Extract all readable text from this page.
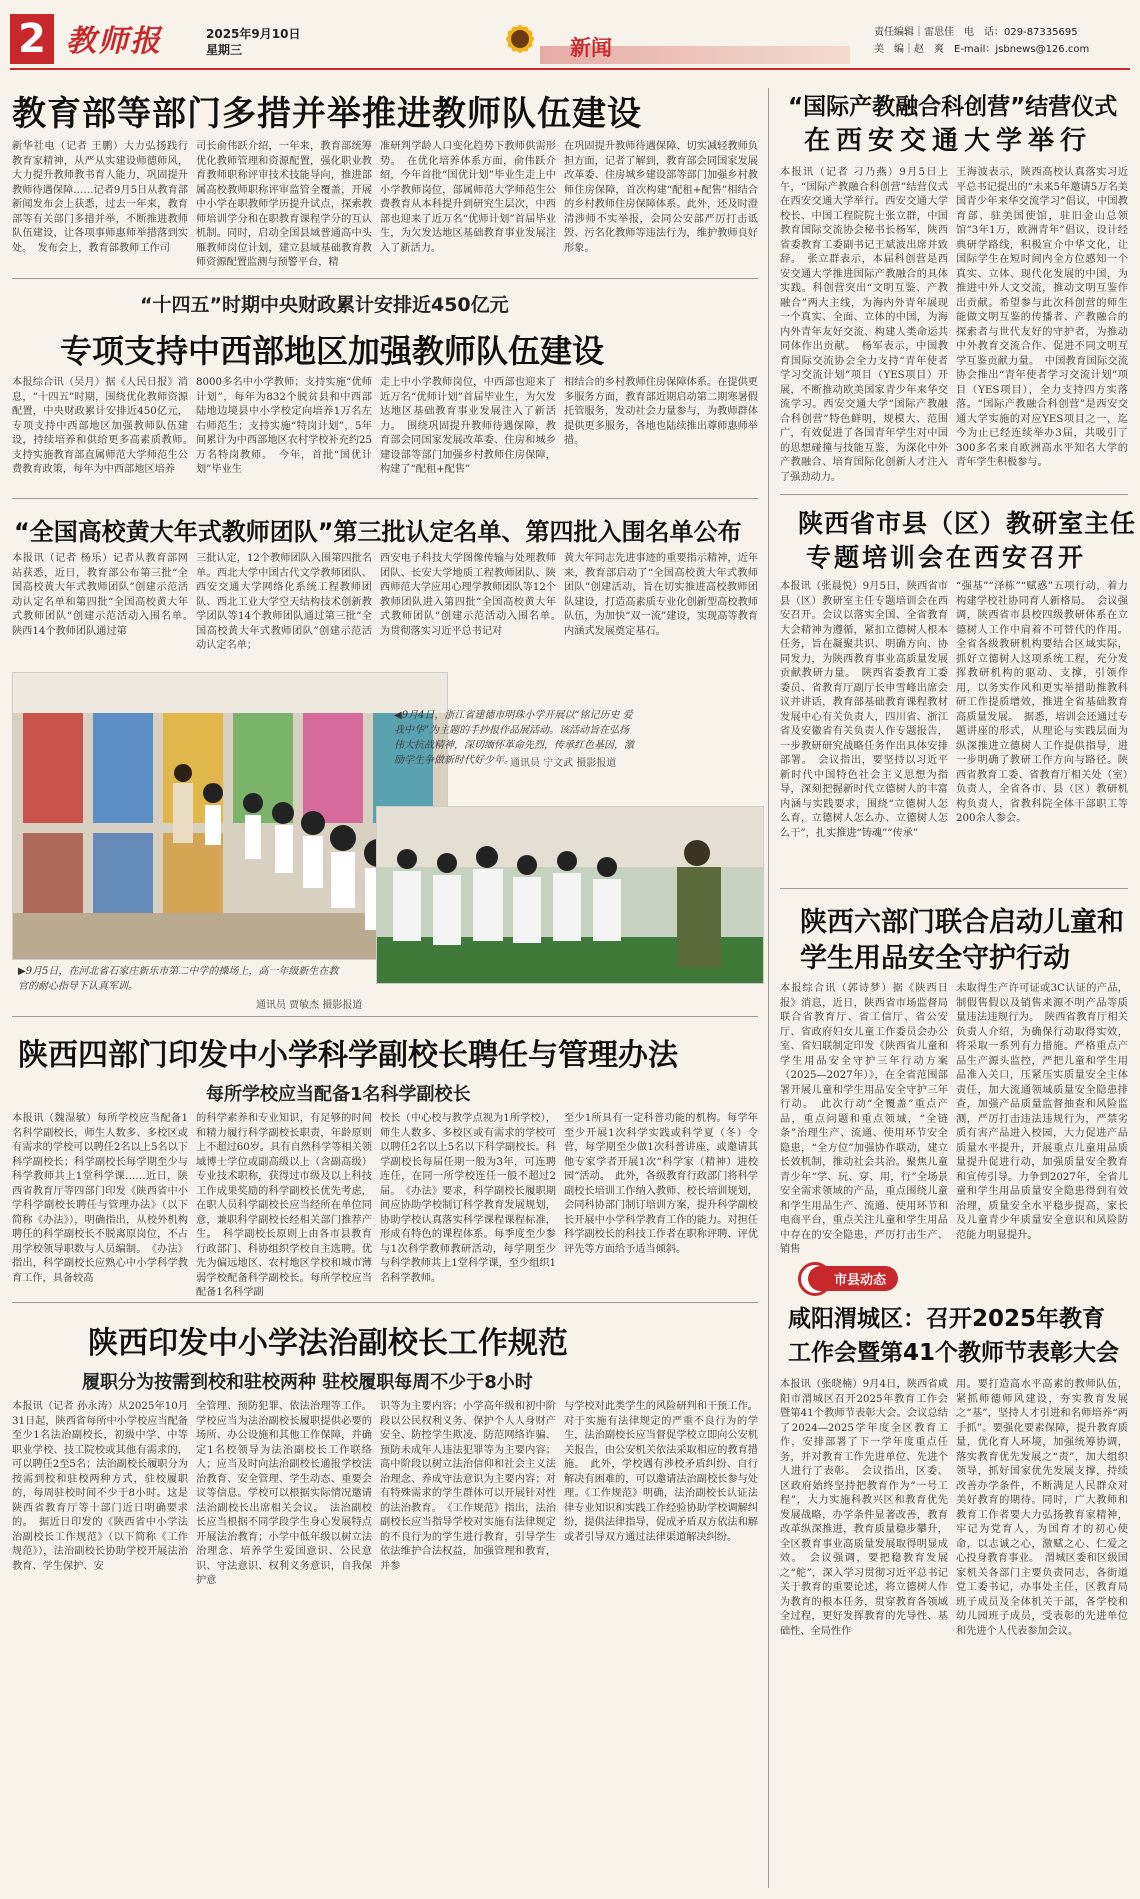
2 教师报	2025年9月10日
星期三	新闻
责任编辑｜雷思佳　 电　话：029-87335695
美　编｜赵　爽　 E-mail：jsbnews@126.com
教育部等部门多措并举推进教师队伍建设
新华社电（记者 王鹏）大力弘扬践行教育家精神，从严从实建设师德师风，大力提升教师教书育人能力，巩固提升教师待遇保障……记者9月5日从教育部新闻发布会上获悉，过去一年来，教育部等有关部门多措并举，不断推进教师队伍建设，让各项事师惠师举措落到实处。　发布会上，教育部教师工作司
司长俞伟跃介绍，一年来，教育部统筹优化教师管理和资源配置，强化职业教育教师职称评审技术技能导向，推进部属高校教师职称评审监管全覆盖，开展中小学在职教师学历提升试点，探索教师培训学分和在职教育课程学分的互认机制。同时，启动全国县域普通高中头雁教师岗位计划，建立县域基础教育教师资源配置监测与预警平台，精
准研判学龄人口变化趋势下教师供需形势。　在优化培养体系方面，俞伟跃介绍，今年首批“国优计划”毕业生走上中小学教师岗位，部属师范大学师范生公费教育从本科提升到研究生层次，中西部也迎来了近万名“优师计划”首届毕业生，为欠发达地区基础教育事业发展注入了新活力。
在巩固提升教师待遇保障、切实减轻教师负担方面，记者了解到，教育部会同国家发展改革委、住房城乡建设部等部门加强乡村教师住房保障，首次构建“配租+配售”相结合的乡村教师住房保障体系。此外，还及时澄清涉师不实举报，会同公安部严厉打击诋毁、污名化教师等违法行为，维护教师良好形象。
“十四五”时期中央财政累计安排近450亿元
专项支持中西部地区加强教师队伍建设
本报综合讯（吴月）据《人民日报》消息，“十四五”时期，围绕优化教师资源配置，中央财政累计安排近450亿元，专项支持中西部地区加强教师队伍建设，持续培养和供给更多高素质教师。　支持实施教育部直属师范大学师范生公费教育政策，每年为中西部地区培养
8000多名中小学教师；支持实施“优师计划”，每年为832个脱贫县和中西部陆地边境县中小学校定向培养1万名左右师范生；支持实施“特岗计划”，5年间累计为中西部地区农村学校补充约25万名特岗教师。　今年，首批“国优计划”毕业生
走上中小学教师岗位，中西部也迎来了近万名“优师计划”首届毕业生，为欠发达地区基础教育事业发展注入了新活力。　围绕巩固提升教师待遇保障，教育部会同国家发展改革委、住房和城乡建设部等部门加强乡村教师住房保障，构建了“配租+配售”
相结合的乡村教师住房保障体系。在提供更多服务方面，教育部近期启动第二期寒暑假托管服务，发动社会力量参与，为教师群体提供更多服务，各地也陆续推出尊师惠师举措。
“全国高校黄大年式教师团队”第三批认定名单、第四批入围名单公布
本报讯（记者 杨乐）记者从教育部网站获悉，近日，教育部公布第三批“全国高校黄大年式教师团队”创建示范活动认定名单和第四批“全国高校黄大年式教师团队”创建示范活动入围名单。　陕西14个教师团队通过第
三批认定，12个教师团队入围第四批名单。西北大学中国古代文学教师团队、西安交通大学网络化系统工程教师团队、西北工业大学空天结构技术创新教学团队等14个教师团队通过第三批“全国高校黄大年式教师团队”创建示范活动认定名单；
西安电子科技大学图像传输与处理教师团队、长安大学地质工程教师团队、陕西师范大学应用心理学教师团队等12个教师团队进入第四批“全国高校黄大年式教师团队”创建示范活动入围名单。　为贯彻落实习近平总书记对
黄大年同志先进事迹的重要指示精神，近年来，教育部启动了“全国高校黄大年式教师团队”创建活动，旨在切实推进高校教师团队建设，打造高素质专业化创新型高校教师队伍，为加快“双一流”建设，实现高等教育内涵式发展奠定基石。
◀9月4日，浙江省建德市明珠小学开展以“铭记历史 爱我中华”为主题的手抄报作品展活动。该活动旨在弘扬伟大抗战精神，深切缅怀革命先烈，传承红色基因，激励学生争做新时代好少年。
通讯员 宁文武 摄影报道
▶9月5日，在河北省石家庄新乐市第二中学的操场上，高一年级新生在教官的耐心指导下认真军训。
通讯员 贾敏杰 摄影报道
陕西四部门印发中小学科学副校长聘任与管理办法
每所学校应当配备1名科学副校长
本报讯（魏湿敏）每所学校应当配备1名科学副校长，师生人数多、多校区或有需求的学校可以聘任2名以上5名以下科学副校长；科学副校长每学期至少与科学教师共上1堂科学课……近日，陕西省教育厅等四部门印发《陕西省中小学科学副校长聘任与管理办法》（以下简称《办法》），明确指出，从校外机构聘任的科学副校长不脱离原岗位，不占用学校领导职数与人员编制。　《办法》指出，科学副校长应熟心中小学科学教育工作，具备较高
的科学素养和专业知识，有足够的时间和精力履行科学副校长职责，年龄原则上不超过60岁。具有自然科学等相关领域博士学位或副高级以上（含副高级）专业技术职称，获得过市级及以上科技工作成果奖励的科学副校长优先考虑，在职人员科学副校长应当经所在单位同意，兼职科学副校长经相关部门推荐产生。　科学副校长原则上由各市县教育行政部门、科协组织学校自主选聘。优先为偏远地区、农村地区学校和城市薄弱学校配备科学副校长。每所学校应当配备1名科学副
校长（中心校与教学点视为1所学校），师生人数多、多校区或有需求的学校可以聘任2名以上5名以下科学副校长。科学副校长每届任期一般为3年，可连聘连任，在同一所学校连任一般不超过2届。　《办法》要求，科学副校长履职期间应协助学校制订科学教育发展规划，协助学校认真落实科学课程课程标准，形成有特色的课程体系。每季度至少参与1次科学教师教研活动，每学期至少与科学教师共上1堂科学课，至少组织1名科学教师。
至少1所具有一定科普功能的机构。每学年至少开展1次科学实践或科学夏（冬）令营，每学期至少做1次科普讲座，或邀请其他专家学者开展1次“科学家（精神）进校园”活动。　此外，各级教育行政部门将科学副校长培训工作纳入教师、校长培训规划，会同科协部门制订培训方案，提升科学副校长开展中小学科学教育工作的能力。对担任科学副校长的科技工作者在职称评聘、评优评先等方面给予适当倾斜。
陕西印发中小学法治副校长工作规范
履职分为按需到校和驻校两种 驻校履职每周不少于8小时
本报讯（记者 孙永涛）从2025年10月31日起，陕西省每所中小学校应当配备至少1名法治副校长，初级中学、中等职业学校、技工院校或其他有需求的，可以聘任2至5名；法治副校长履职分为按需到校和驻校两种方式，驻校履职的，每周驻校时间不少于8小时。这是陕西省教育厅等十部门近日明确要求的。　据近日印发的《陕西省中小学法治副校长工作规范》（以下简称《工作规范》），法治副校长协助学校开展法治教育、学生保护、安
全管理、预防犯罪、依法治理等工作。学校应当为法治副校长履职提供必要的场所、办公设施和其他工作保障，并确定1名校领导为法治副校长工作联络人；应当及时向法治副校长通报学校法治教育、安全管理、学生动态、重要会议等信息。学校可以根据实际情况邀请法治副校长出席相关会议。　法治副校长应当根据不同学段学生身心发展特点开展法治教育；小学中低年级以树立法治理念、培养学生爱国意识、公民意识、守法意识、权利义务意识，自我保护意
识等为主要内容；小学高年级和初中阶段以公民权利义务、保护个人人身财产安全、防控学生欺凌、防范网络诈骗、预防未成年人违法犯罪等为主要内容；高中阶段以树立法治信仰和社会主义法治理念、养成守法意识为主要内容；对有特殊需求的学生群体可以开展针对性的法治教育。　《工作规范》指出，法治副校长应当指导学校对实施有法律规定的不良行为的学生进行教育，引导学生依法维护合法权益，加强管理和教育，并参
与学校对此类学生的风险研判和干预工作。对于实施有法律规定的严重不良行为的学生，法治副校长应当督促学校立即向公安机关报告，由公安机关依法采取相应的教育措施。　此外，学校遇有涉校矛盾纠纷、自行解决有困难的，可以邀请法治副校长参与处理。《工作规范》明确，法治副校长认证法律专业知识和实践工作经验协助学校调解纠纷，提供法律指导，促成矛盾双方依法和解或者引导双方通过法律渠道解决纠纷。
“国际产教融合科创营”结营仪式
在西安交通大学举行
本报讯（记者 刁乃燕）9月5日上午，“国际产教融合科创营”结营仪式在西安交通大学举行。西安交通大学校长、中国工程院院士张立群，中国教育国际交流协会秘书长杨军，陕西省委教育工委副书记王斌波出席并致辞。　张立群表示，本届科创营是西安交通大学推进国际产教融合的具体实践。科创营突出“文明互鉴、产教融合”两大主线，为海内外青年展现一个真实、全面、立体的中国，为海内外青年友好交流、构建人类命运共同体作出贡献。　杨军表示，中国教育国际交流协会全力支持“青年使者学习交流计划”项目（YES项目）开展，不断推动欧美国家青少年来华交流学习。西安交通大学“国际产教融合科创营”特色鲜明，规模大、范围广，有效促进了各国青年学生对中国的思想碰撞与技能互鉴，为深化中外产教融合、培育国际化创新人才注入了强劲动力。
王海波表示，陕西高校认真落实习近平总书记提出的“未来5年邀请5万名美国青少年来华交流学习”倡议，中国教育部、驻美国使馆，驻旧金山总领馆“3年1万，欧洲青年”倡议，设计经典研学路线，积极宣介中华文化，让国际学生在短时间内全方位感知一个真实、立体、现代化发展的中国，为推进中外人文交流，推动文明互鉴作出贡献。希望参与此次科创营的师生能做文明互鉴的传播者、产教融合的探索者与世代友好的守护者，为推动中外教育交流合作、促进不同文明互学互鉴贡献力量。　中国教育国际交流协会推出“青年使者学习交流计划”项目（YES项目），全力支持四方实落落。“国际产教融合科创营”是西安交通大学实施的对应YES项目之一，迄今为止已经连续举办3届，共吸引了300多名来自欧洲高水平知名大学的青年学生积极参与。
陕西省市县（区）教研室主任
专题培训会在西安召开
本报讯（张晨悦）9月5日，陕西省市县（区）教研室主任专题培训会在西安召开。会议以落实全国、全省教育大会精神为遵循，紧扣立德树人根本任务，旨在凝聚共识、明确方向、协同发力，为陕西教育事业高质量发展贡献教研力量。　陕西省委教育工委委员、省教育厅副厅长申雪峰出席会议并讲话，教育部基础教育课程教材发展中心有关负责人，四川省、浙江省及安徽省有关负责人作专题报告，一步教研研究战略任务作出具体安排部署。　会议指出，要坚持以习近平新时代中国特色社会主义思想为指导，深刻把握新时代立德树人的丰富内涵与实践要求，围绕“立德树人怎么育，立德树人怎么办、立德树人怎么干”，扎实推进“铸魂”“传承”
“强基”“泽栋”“赋惑”五项行动，着力构建学校社协同育人新格局。　会议强调，陕西省市县校四级教研体系在立德树人工作中肩着不可替代的作用。全省各级教研机构要结合区域实际，抓好立德树人这项系统工程，充分发挥教研机构的驱动、支撑，引领作用，以务实作风和更实举措助推教科研工作提质增效，推进全省基础教育高质量发展。　据悉，培训会还通过专题讲座的形式，从理论与实践层面为纵深推进立德树人工作提供指导，进一步明确了教研工作方向与路径。陕西省教育工委、省教育厅相关处（室）负责人，全省各市、县（区）教研机构负责人，省教科院全体干部职工等200余人参会。
陕西六部门联合启动儿童和
学生用品安全守护行动
本报综合讯（郭诗梦）据《陕西日报》消息，近日，陕西省市场监督局联合省教育厅、省工信厅、省公安厅、省政府妇女儿童工作委员会办公室、省妇联制定印发《陕西省儿童和学生用品安全守护三年行动方案（2025—2027年）》，在全省范围部署开展儿童和学生用品安全守护三年行动。　此次行动“全覆盖”重点产品，重点问题和重点领域，“全链条”治理生产、流通、使用环节安全隐患，“全方位”加强协作联动，建立长效机制，推动社会共治。聚焦儿童青少年“学、玩、穿、用，行”全场景安全需求领域的产品，重点围绕儿童和学生用品生产、流通、使用环节和电商平台，重点关注儿童和学生用品中存在的安全隐患，严厉打击生产、销售
未取得生产许可证或3C认证的产品，制假售假以及销售来源不明产品等质量违法违规行为。　陕西省教育厅相关负责人介绍，为确保行动取得实效，将采取一系列有力措施。严格重点产品生产源头监控，严把儿童和学生用品准入关口，压紧压实质量安全主体责任，加大流通领域质量安全隐患排查，加强产品质量监督抽查和风险监测，严厉打击违法违规行为，严禁劣质有害产品进入校园，大力促进产品质量水平提升，开展重点儿童用品质量提升促进行动，加强质量安全教育和宣传引导。力争到2027年，全省儿童和学生用品质量安全隐患得到有效治理，质量安全水平稳步提高，家长及儿童青少年质量安全意识和风险防范能力明显提升。
市县动态
咸阳渭城区：召开2025年教育
工作会暨第41个教师节表彰大会
本报讯（张晓楠）9月4日，陕西省咸阳市渭城区召开2025年教育工作会暨第41个教师节表彰大会。会议总结了2024—2025学年度全区教育工作，安排部署了下一学年度重点任务，并对教育工作先进单位、先进个人进行了表彰。　会议指出，区委、区政府始终坚持把教育作为“一号工程”，大力实施科教兴区和教育优先发展战略，办学条件显著改善，教育改革纵深推进，教育质量稳步攀升，全区教育事业高质量发展取得明显成效。　会议强调，要把稳教育发展之“舵”，深入学习贯彻习近平总书记关于教育的重要论述，将立德树人作为教育的根本任务，贯穿教育各领域全过程，更好发挥教育的先导性、基础性、全局性作
用。要打造高水平高素的教师队伍，紧抓师德师风建设，夯实教育发展之“基”，坚持人才引进和名师培养“两手抓”。要强化要素保障，提升教育质量，优化育人环境，加强统筹协调，落实教育优先发展之“责”，加大组织领导，抓好国家优先发展支撑，持续改善办学条件，不断满足人民群众对美好教育的期待。同时，广大教师和教育工作者要大力弘扬教育家精神，牢记为党育人，为国育才的初心使命，以志诚之心，激赋之心、仁爱之心投身教育事业。　渭城区委和区级国家机关各部门主要负责同志，各街道党工委书记，办事处主任，区教育局班子成员及全体机关干部，各学校和幼儿园班子成员，受表彰的先进单位和先进个人代表参加会议。
